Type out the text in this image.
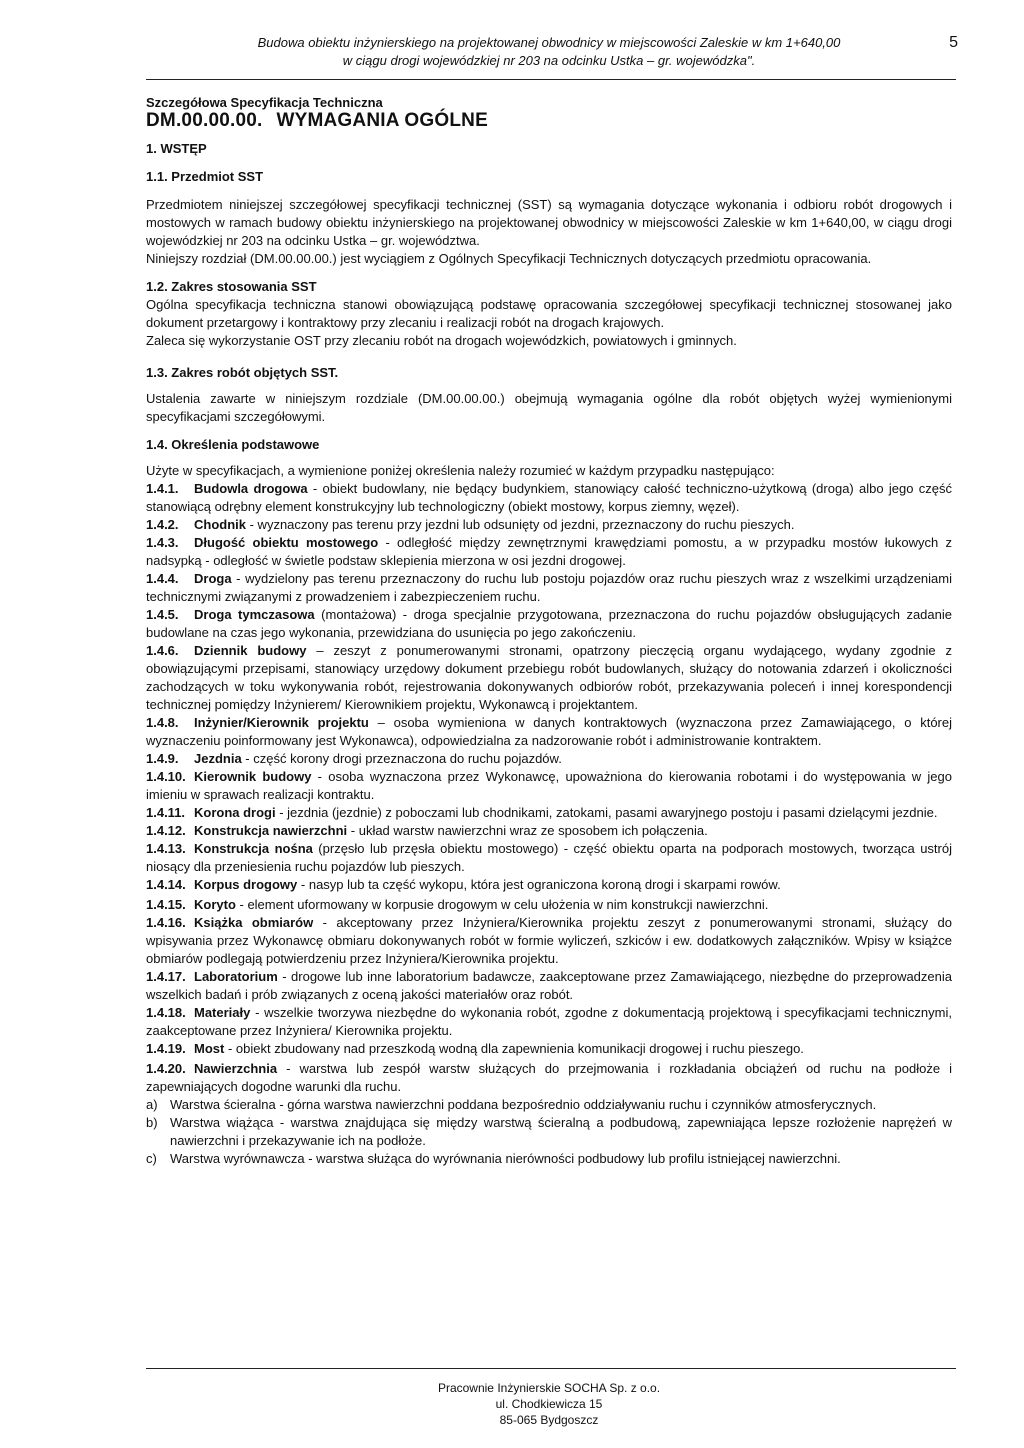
Budowa obiektu inżynierskiego na projektowanej obwodnicy w miejscowości Zaleskie w km 1+640,00
w ciągu drogi wojewódzkiej nr 203 na odcinku Ustka – gr. wojewódzka".
5

Szczegółowa Specyfikacja Techniczna

DM.00.00.00. WYMAGANIA OGÓLNE

1. WSTĘP

1.1. Przedmiot SST

Przedmiotem niniejszej szczegółowej specyfikacji technicznej (SST) są wymagania dotyczące wykonania i odbioru robót drogowych i mostowych w ramach budowy obiektu inżynierskiego na projektowanej obwodnicy w miejscowości Zaleskie w km 1+640,00, w ciągu drogi wojewódzkiej nr 203 na odcinku Ustka – gr. województwa.

Niniejszy rozdział (DM.00.00.00.) jest wyciągiem z Ogólnych Specyfikacji Technicznych dotyczących przedmiotu opracowania.

1.2. Zakres stosowania SST

Ogólna specyfikacja techniczna stanowi obowiązującą podstawę opracowania szczegółowej specyfikacji technicznej stosowanej jako dokument przetargowy i kontraktowy przy zlecaniu i realizacji robót na drogach krajowych.

Zaleca się wykorzystanie OST przy zlecaniu robót na drogach wojewódzkich, powiatowych i gminnych.

1.3. Zakres robót objętych SST.

Ustalenia zawarte w niniejszym rozdziale (DM.00.00.00.) obejmują wymagania ogólne dla robót objętych wyżej wymienionymi specyfikacjami szczegółowymi.

1.4. Określenia podstawowe

Użyte w specyfikacjach, a wymienione poniżej określenia należy rozumieć w każdym przypadku następująco:

1.4.1. Budowla drogowa - obiekt budowlany, nie będący budynkiem, stanowiący całość techniczno-użytkową (droga) albo jego część stanowiącą odrębny element konstrukcyjny lub technologiczny (obiekt mostowy, korpus ziemny, węzeł).

1.4.2. Chodnik - wyznaczony pas terenu przy jezdni lub odsunięty od jezdni, przeznaczony do ruchu pieszych.

1.4.3. Długość obiektu mostowego - odległość między zewnętrznymi krawędziami pomostu, a w przypadku mostów łukowych z nadsypką - odległość w świetle podstaw sklepienia mierzona w osi jezdni drogowej.

1.4.4. Droga - wydzielony pas terenu przeznaczony do ruchu lub postoju pojazdów oraz ruchu pieszych wraz z wszelkimi urządzeniami technicznymi związanymi z prowadzeniem i zabezpieczeniem ruchu.

1.4.5. Droga tymczasowa (montażowa) - droga specjalnie przygotowana, przeznaczona do ruchu pojazdów obsługujących zadanie budowlane na czas jego wykonania, przewidziana do usunięcia po jego zakończeniu.

1.4.6. Dziennik budowy – zeszyt z ponumerowanymi stronami, opatrzony pieczęcią organu wydającego, wydany zgodnie z obowiązującymi przepisami, stanowiący urzędowy dokument przebiegu robót budowlanych, służący do notowania zdarzeń i okoliczności zachodzących w toku wykonywania robót, rejestrowania dokonywanych odbiorów robót, przekazywania poleceń i innej korespondencji technicznej pomiędzy Inżynierem/ Kierownikiem projektu, Wykonawcą i projektantem.

1.4.8. Inżynier/Kierownik projektu – osoba wymieniona w danych kontraktowych (wyznaczona przez Zamawiającego, o której wyznaczeniu poinformowany jest Wykonawca), odpowiedzialna za nadzorowanie robót i administrowanie kontraktem.

1.4.9. Jezdnia - część korony drogi przeznaczona do ruchu pojazdów.

1.4.10. Kierownik budowy - osoba wyznaczona przez Wykonawcę, upoważniona do kierowania robotami i do występowania w jego imieniu w sprawach realizacji kontraktu.

1.4.11. Korona drogi - jezdnia (jezdnie) z poboczami lub chodnikami, zatokami, pasami awaryjnego postoju i pasami dzielącymi jezdnie.

1.4.12. Konstrukcja nawierzchni - układ warstw nawierzchni wraz ze sposobem ich połączenia.

1.4.13. Konstrukcja nośna (przęsło lub przęsła obiektu mostowego) - część obiektu oparta na podporach mostowych, tworząca ustrój niosący dla przeniesienia ruchu pojazdów lub pieszych.

1.4.14. Korpus drogowy - nasyp lub ta część wykopu, która jest ograniczona koroną drogi i skarpami rowów.

1.4.15. Koryto - element uformowany w korpusie drogowym w celu ułożenia w nim konstrukcji nawierzchni.

1.4.16. Książka obmiarów - akceptowany przez Inżyniera/Kierownika projektu zeszyt z ponumerowanymi stronami, służący do wpisywania przez Wykonawcę obmiaru dokonywanych robót w formie wyliczeń, szkiców i ew. dodatkowych załączników. Wpisy w książce obmiarów podlegają potwierdzeniu przez Inżyniera/Kierownika projektu.

1.4.17. Laboratorium - drogowe lub inne laboratorium badawcze, zaakceptowane przez Zamawiającego, niezbędne do przeprowadzenia wszelkich badań i prób związanych z oceną jakości materiałów oraz robót.

1.4.18. Materiały - wszelkie tworzywa niezbędne do wykonania robót, zgodne z dokumentacją projektową i specyfikacjami technicznymi, zaakceptowane przez Inżyniera/ Kierownika projektu.

1.4.19. Most - obiekt zbudowany nad przeszkodą wodną dla zapewnienia komunikacji drogowej i ruchu pieszego.

1.4.20. Nawierzchnia - warstwa lub zespół warstw służących do przejmowania i rozkładania obciążeń od ruchu na podłoże i zapewniających dogodne warunki dla ruchu.

a) Warstwa ścieralna - górna warstwa nawierzchni poddana bezpośrednio oddziaływaniu ruchu i czynników atmosferycznych.
b) Warstwa wiążąca - warstwa znajdująca się między warstwą ścieralną a podbudową, zapewniająca lepsze rozłożenie naprężeń w nawierzchni i przekazywanie ich na podłoże.
c)	Warstwa wyrównawcza - warstwa służąca do wyrównania nierówności podbudowy lub profilu istniejącej nawierzchni.
Pracownie Inżynierskie SOCHA Sp. z o.o.
ul. Chodkiewicza 15
85-065 Bydgoszcz
